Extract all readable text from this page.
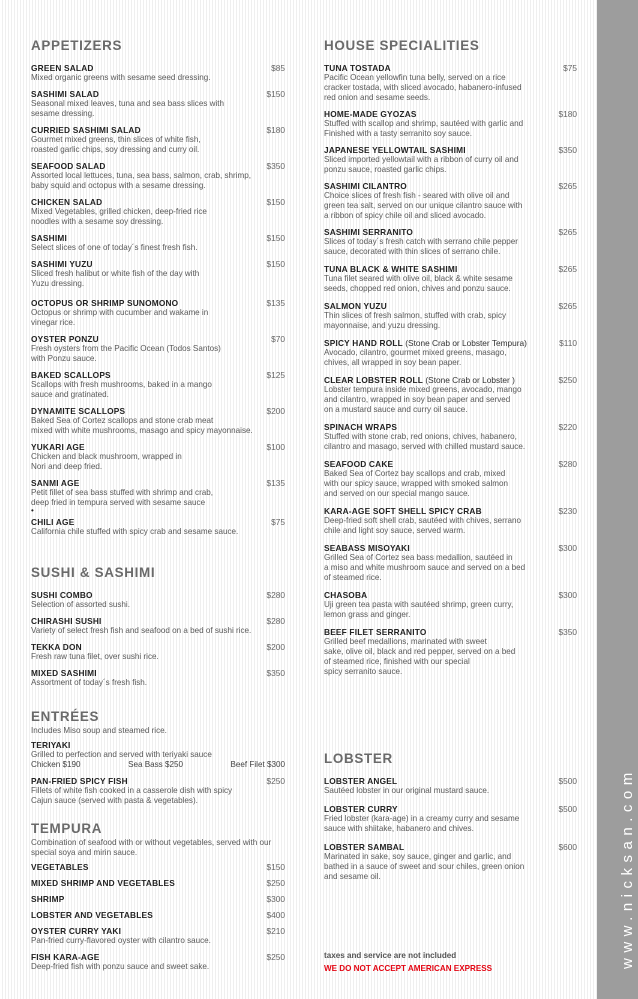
APPETIZERS
GREEN SALAD	$85
Mixed organic greens with sesame seed dressing.
SASHIMI SALAD	$150
Seasonal mixed leaves, tuna and sea bass slices with
sesame dressing.
CURRIED SASHIMI SALAD	$180
Gourmet mixed greens, thin slices of white fish,
roasted garlic chips, soy dressing and curry oil.
SEAFOOD SALAD	$350
Assorted local lettuces, tuna, sea bass, salmon, crab, shrimp,
baby squid and octopus with a sesame dressing.
CHICKEN SALAD	$150
Mixed Vegetables, grilled chicken, deep-fried rice
noodles with a sesame soy dressing.
SASHIMI	$150
Select slices of one of today´s finest fresh fish.
SASHIMI YUZU	$150
Sliced fresh halibut or white fish of the day with
Yuzu dressing.
OCTOPUS OR SHRIMP SUNOMONO	$135
Octopus or shrimp with cucumber and wakame in
vinegar rice.
OYSTER PONZU	$70
Fresh oysters from the Pacific Ocean (Todos Santos)
with Ponzu sauce.
BAKED SCALLOPS	$125
Scallops with fresh mushrooms, baked in a mango
sauce and gratinated.
DYNAMITE SCALLOPS	$200
Baked Sea of Cortez scallops and stone crab meat
mixed with white mushrooms, masago and spicy mayonnaise.
YUKARI AGE	$100
Chicken and black mushroom, wrapped in
Nori and deep fried.
SANMI AGE	$135
Petit fillet of sea bass stuffed with shrimp and crab,
deep fried in tempura served with sesame sauce
•
CHILI AGE	$75
California chile stuffed with spicy crab and sesame sauce.
SUSHI & SASHIMI
SUSHI COMBO	$280
Selection of assorted sushi.
CHIRASHI SUSHI	$280
Variety of select fresh fish and seafood on a bed of sushi rice.
TEKKA DON	$200
Fresh raw tuna filet, over sushi rice.
MIXED SASHIMI	$350
Assortment of today´s fresh fish.
ENTRÉES
Includes Miso soup and steamed rice.
TERIYAKI
Grilled to perfection and served with teriyaki sauce
Chicken $190	Sea Bass $250	Beef Filet $300
PAN-FRIED SPICY FISH	$250
Fillets of white fish cooked in a casserole dish with spicy
Cajun sauce (served with pasta & vegetables).
TEMPURA
Combination of seafood with or without vegetables, served with our special soya and mirin sauce.
VEGETABLES	$150
MIXED SHRIMP AND VEGETABLES	$250
SHRIMP	$300
LOBSTER AND VEGETABLES	$400
OYSTER CURRY YAKI	$210
Pan-fried curry-flavored oyster with cilantro sauce.
FISH KARA-AGE	$250
Deep-fried fish with ponzu sauce and sweet sake.
HOUSE SPECIALITIES
TUNA TOSTADA	$75
Pacific Ocean yellowfin tuna belly, served on a rice
cracker tostada, with sliced avocado, habanero-infused
red onion and sesame seeds.
HOME-MADE GYOZAS	$180
Stuffed with scallop and shrimp, sautéed with garlic and
Finished with a tasty serranito soy sauce.
JAPANESE YELLOWTAIL SASHIMI	$350
Sliced imported yellowtail with a ribbon of curry oil and
ponzu sauce, roasted garlic chips.
SASHIMI CILANTRO	$265
Choice slices of fresh fish - seared with olive oil and
green tea salt, served on our unique cilantro sauce with
a ribbon of spicy chile oil and sliced avocado.
SASHIMI SERRANITO	$265
Slices of today´s fresh catch with serrano chile pepper
sauce, decorated with thin slices of serrano chile.
TUNA BLACK & WHITE SASHIMI	$265
Tuna filet seared with olive oil, black & white sesame
seeds, chopped red onion, chives and ponzu sauce.
SALMON YUZU	$265
Thin slices of fresh salmon, stuffed with crab, spicy
mayonnaise, and yuzu dressing.
SPICY HAND ROLL (Stone Crab or Lobster Tempura)	$110
Avocado, cilantro, gourmet mixed greens, masago,
chives, all wrapped in soy bean paper.
CLEAR LOBSTER ROLL (Stone Crab or Lobster )	$250
Lobster tempura inside mixed greens, avocado, mango
and cilantro, wrapped in soy bean paper and served
on a mustard sauce and curry oil sauce.
SPINACH WRAPS	$220
Stuffed with stone crab, red onions, chives, habanero,
cilantro and masago, served with chilled mustard sauce.
SEAFOOD CAKE	$280
Baked Sea of Cortez bay scallops and crab, mixed
with our spicy sauce, wrapped with smoked salmon
and served on our special mango sauce.
KARA-AGE SOFT SHELL SPICY CRAB	$230
Deep-fried soft shell crab, sautéed with chives, serrano
chile and light soy sauce, served warm.
SEABASS MISOYAKI	$300
Grilled Sea of Cortez sea bass medallion, sautéed in
a miso and white mushroom sauce and served on a bed
of steamed rice.
CHASOBA	$300
Uji green tea pasta with sautéed shrimp, green curry,
lemon grass and ginger.
BEEF FILET SERRANITO	$350
Grilled beef medallions, marinated with sweet
sake, olive oil, black and red pepper, served on a bed
of steamed rice, finished with our special
spicy serranito sauce.
LOBSTER
LOBSTER ANGEL	$500
Sautéed lobster in our original mustard sauce.
LOBSTER CURRY	$500
Fried lobster (kara-age) in a creamy curry and sesame
sauce with shiitake, habanero and chives.
LOBSTER SAMBAL	$600
Marinated in sake, soy sauce, ginger and garlic, and
bathed in a sauce of sweet and sour chiles, green onion
and sesame oil.
taxes and service are not included
WE DO NOT ACCEPT AMERICAN EXPRESS	www.nicksan.com
